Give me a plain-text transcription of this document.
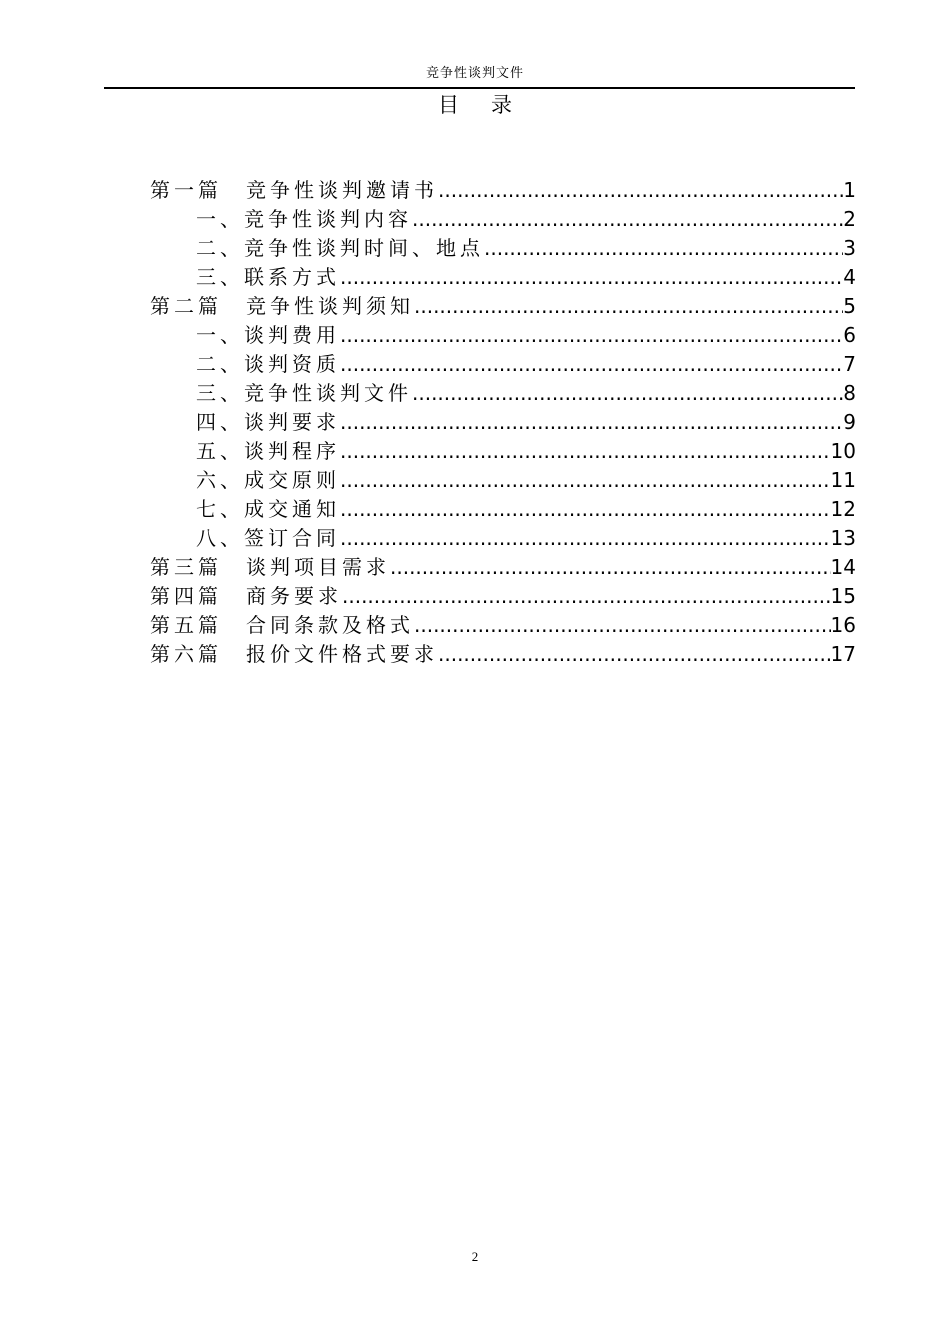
竞争性谈判文件
目录
第一篇　竞争性谈判邀请书 .....	1
一、竞争性谈判内容 .....	2
二、竞争性谈判时间、地点 .....	3
三、联系方式 .....	4
第二篇　竞争性谈判须知 .....	5
一、谈判费用 .....	6
二、谈判资质 .....	7
三、竞争性谈判文件 .....	8
四、谈判要求 .....	9
五、谈判程序 .....	10
六、成交原则 .....	11
七、成交通知 .....	12
八、签订合同 .....	13
第三篇　谈判项目需求 .....	14
第四篇　商务要求 .....	15
第五篇　合同条款及格式 .....	16
第六篇　报价文件格式要求 .....	17
2
